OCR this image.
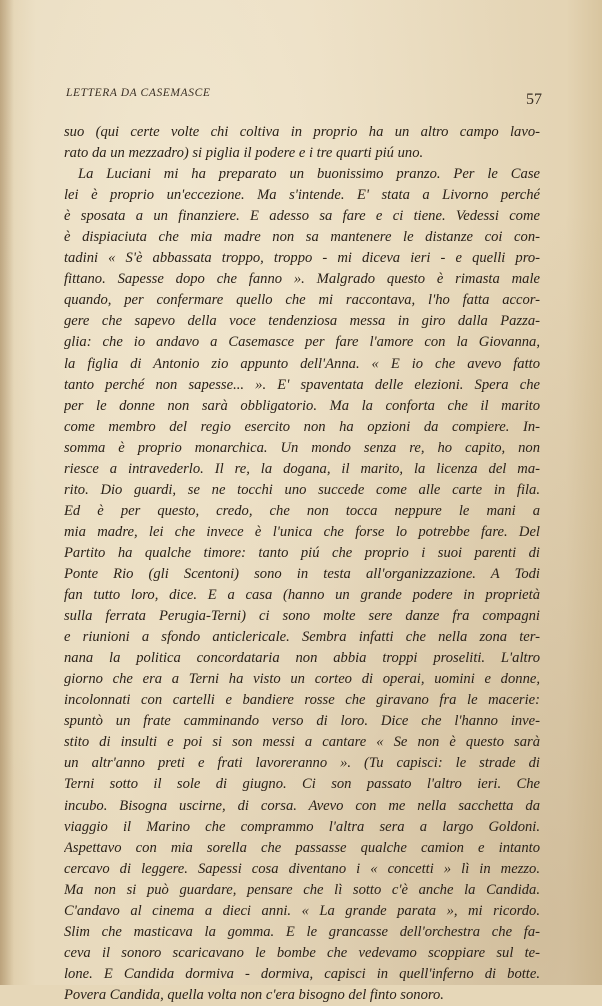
LETTERA DA CASEMASCE	57
suo (qui certe volte chi coltiva in proprio ha un altro campo lavo-
rato da un mezzadro) si piglia il podere e i tre quarti piú uno.
La Luciani mi ha preparato un buonissimo pranzo. Per le Case
lei è proprio un'eccezione. Ma s'intende. E' stata a Livorno perché
è sposata a un finanziere. E adesso sa fare e ci tiene. Vedessi come
è dispiaciuta che mia madre non sa mantenere le distanze coi con-
tadini « S'è abbassata troppo, troppo - mi diceva ieri - e quelli pro-
fittano. Sapesse dopo che fanno ». Malgrado questo è rimasta male
quando, per confermare quello che mi raccontava, l'ho fatta accor-
gere che sapevo della voce tendenziosa messa in giro dalla Pazza-
glia: che io andavo a Casemasce per fare l'amore con la Giovanna,
la figlia di Antonio zio appunto dell'Anna. « E io che avevo fatto
tanto perché non sapesse... ». E' spaventata delle elezioni. Spera che
per le donne non sarà obbligatorio. Ma la conforta che il marito
come membro del regio esercito non ha opzioni da compiere. In-
somma è proprio monarchica. Un mondo senza re, ho capito, non
riesce a intravederlo. Il re, la dogana, il marito, la licenza del ma-
rito. Dio guardi, se ne tocchi uno succede come alle carte in fila.
Ed è per questo, credo, che non tocca neppure le mani a
mia madre, lei che invece è l'unica che forse lo potrebbe fare. Del
Partito ha qualche timore: tanto piú che proprio i suoi parenti di
Ponte Rio (gli Scentoni) sono in testa all'organizzazione. A Todi
fan tutto loro, dice. E a casa (hanno un grande podere in proprietà
sulla ferrata Perugia-Terni) ci sono molte sere danze fra compagni
e riunioni a sfondo anticlericale. Sembra infatti che nella zona ter-
nana la politica concordataria non abbia troppi proseliti. L'altro
giorno che era a Terni ha visto un corteo di operai, uomini e donne,
incolonnati con cartelli e bandiere rosse che giravano fra le macerie:
spuntò un frate camminando verso di loro. Dice che l'hanno inve-
stito di insulti e poi si son messi a cantare « Se non è questo sarà
un altr'anno preti e frati lavoreranno ». (Tu capisci: le strade di
Terni sotto il sole di giugno. Ci son passato l'altro ieri. Che
incubo. Bisogna uscirne, di corsa. Avevo con me nella sacchetta da
viaggio il Marino che comprammo l'altra sera a largo Goldoni.
Aspettavo con mia sorella che passasse qualche camion e intanto
cercavo di leggere. Sapessi cosa diventano i « concetti » lì in mezzo.
Ma non si può guardare, pensare che lì sotto c'è anche la Candida.
C'andavo al cinema a dieci anni. « La grande parata », mi ricordo.
Slim che masticava la gomma. E le grancasse dell'orchestra che fa-
ceva il sonoro scaricavano le bombe che vedevamo scoppiare sul te-
lone. E Candida dormiva - dormiva, capisci in quell'inferno di botte.
Povera Candida, quella volta non c'era bisogno del finto sonoro.
